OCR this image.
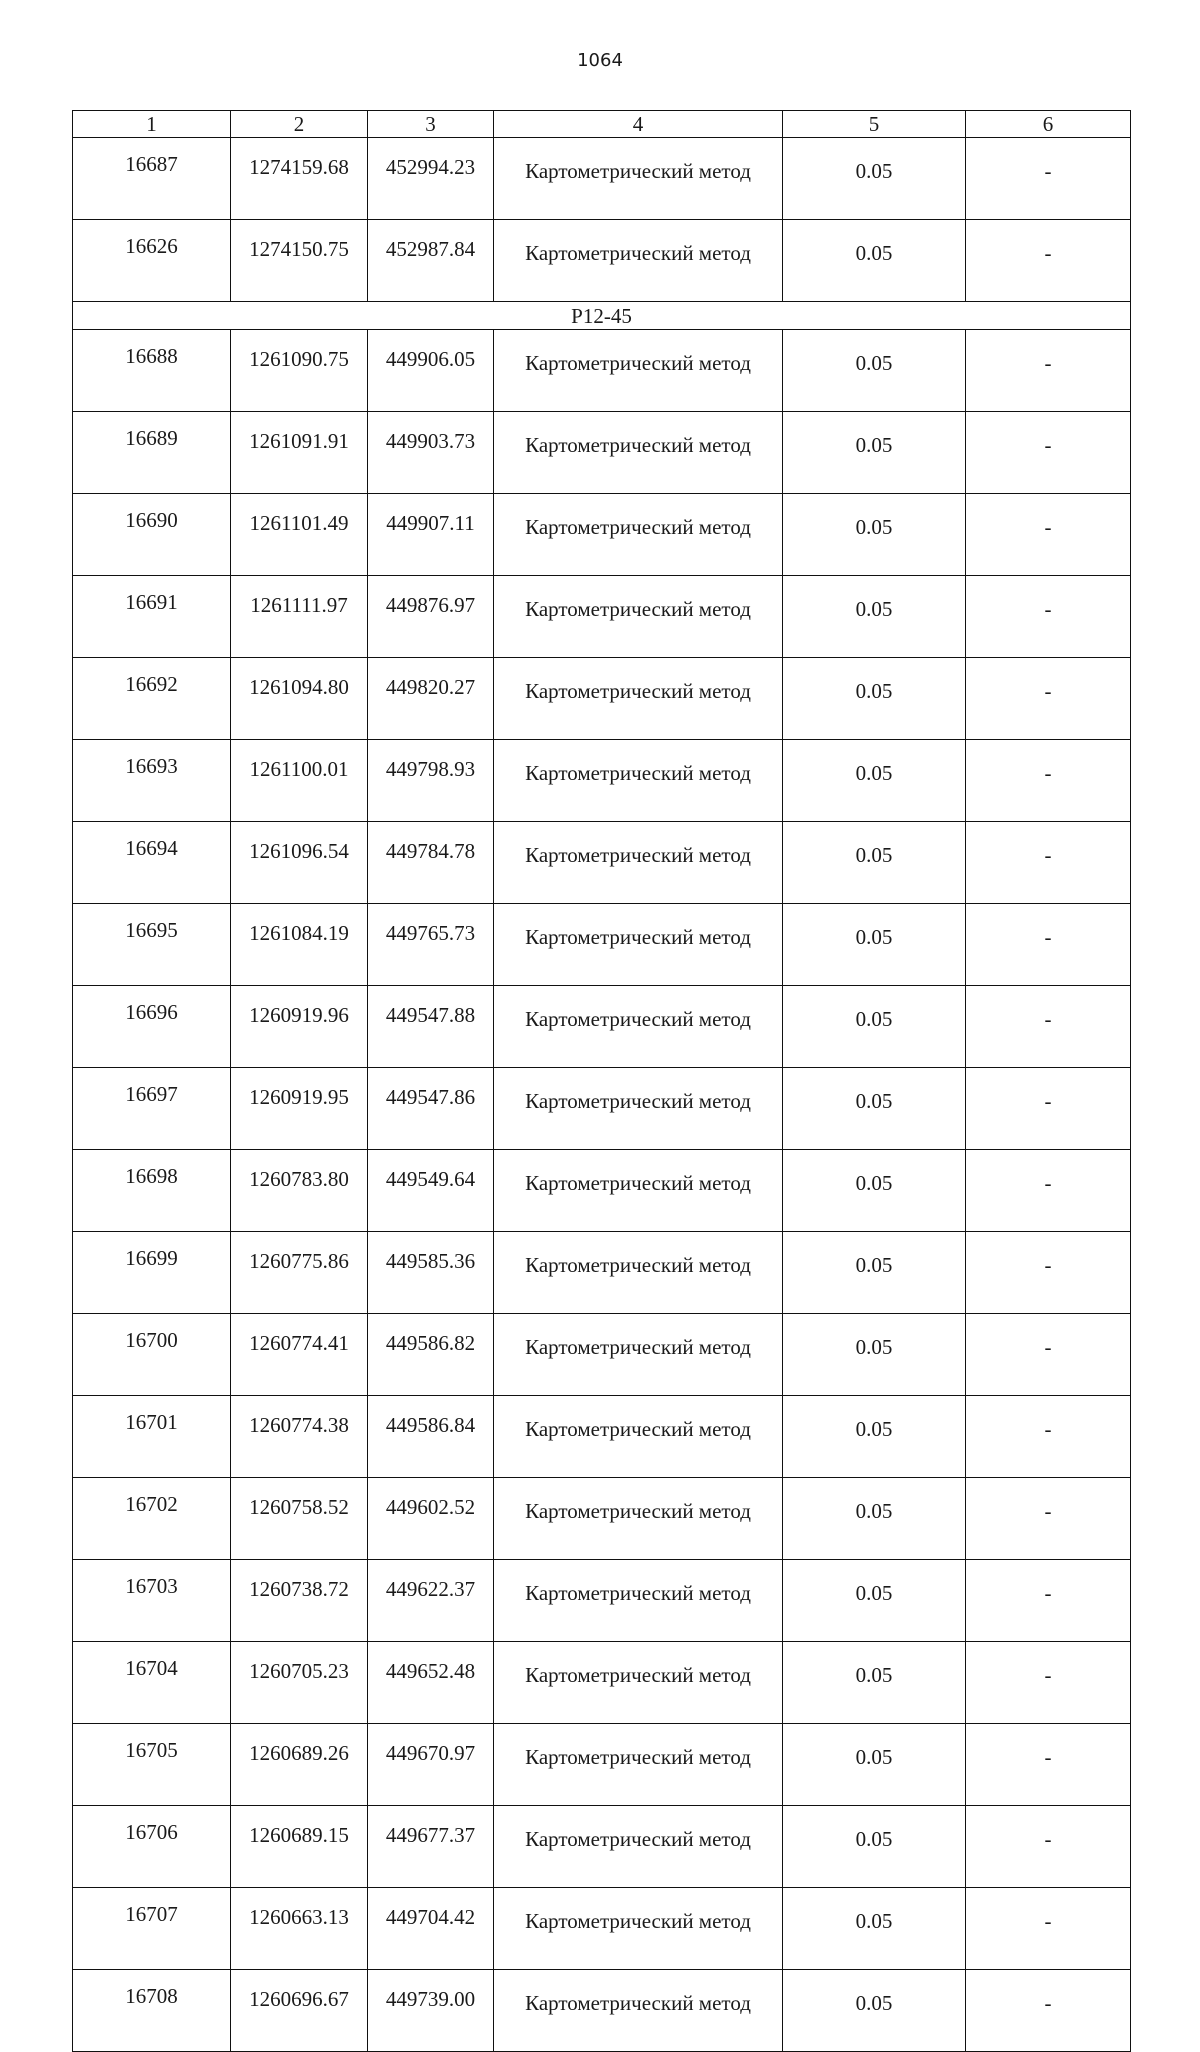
1064
1	2	3	4	5	6
16687	1274159.68	452994.23	Картометрический метод	0.05	-
16626	1274150.75	452987.84	Картометрический метод	0.05	-
Р12-45					
16688	1261090.75	449906.05	Картометрический метод	0.05	-
16689	1261091.91	449903.73	Картометрический метод	0.05	-
16690	1261101.49	449907.11	Картометрический метод	0.05	-
16691	1261111.97	449876.97	Картометрический метод	0.05	-
16692	1261094.80	449820.27	Картометрический метод	0.05	-
16693	1261100.01	449798.93	Картометрический метод	0.05	-
16694	1261096.54	449784.78	Картометрический метод	0.05	-
16695	1261084.19	449765.73	Картометрический метод	0.05	-
16696	1260919.96	449547.88	Картометрический метод	0.05	-
16697	1260919.95	449547.86	Картометрический метод	0.05	-
16698	1260783.80	449549.64	Картометрический метод	0.05	-
16699	1260775.86	449585.36	Картометрический метод	0.05	-
16700	1260774.41	449586.82	Картометрический метод	0.05	-
16701	1260774.38	449586.84	Картометрический метод	0.05	-
16702	1260758.52	449602.52	Картометрический метод	0.05	-
16703	1260738.72	449622.37	Картометрический метод	0.05	-
16704	1260705.23	449652.48	Картометрический метод	0.05	-
16705	1260689.26	449670.97	Картометрический метод	0.05	-
16706	1260689.15	449677.37	Картометрический метод	0.05	-
16707	1260663.13	449704.42	Картометрический метод	0.05	-
16708	1260696.67	449739.00	Картометрический метод	0.05	-
